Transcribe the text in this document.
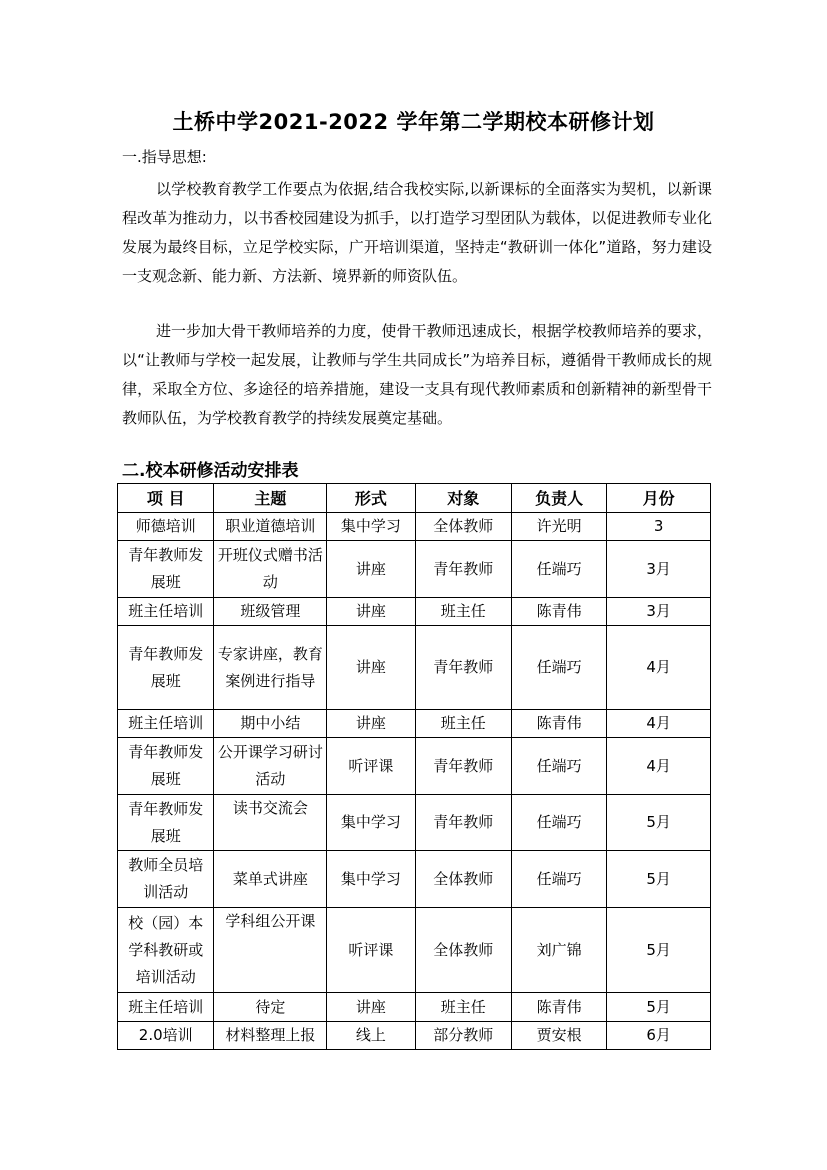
土桥中学2021-2022 学年第二学期校本研修计划
一.指导思想:
以学校教育教学工作要点为依据,结合我校实际,以新课标的全面落实为契机，以新课程改革为推动力，以书香校园建设为抓手，以打造学习型团队为载体，以促进教师专业化发展为最终目标，立足学校实际，广开培训渠道，坚持走“教研训一体化”道路，努力建设一支观念新、能力新、方法新、境界新的师资队伍。
进一步加大骨干教师培养的力度，使骨干教师迅速成长，根据学校教师培养的要求，以“让教师与学校一起发展，让教师与学生共同成长”为培养目标，遵循骨干教师成长的规律，采取全方位、多途径的培养措施，建设一支具有现代教师素质和创新精神的新型骨干教师队伍，为学校教育教学的持续发展奠定基础。
二.校本研修活动安排表
项 目	主题	形式	对象	负责人	月份
师德培训	职业道德培训	集中学习	全体教师	许光明	3
青年教师发展班	开班仪式赠书活动	讲座	青年教师	任端巧	3月
班主任培训	班级管理	讲座	班主任	陈青伟	3月
青年教师发展班	专家讲座，教育案例进行指导	讲座	青年教师	任端巧	4月
班主任培训	期中小结	讲座	班主任	陈青伟	4月
青年教师发展班	公开课学习研讨活动	听评课	青年教师	任端巧	4月
青年教师发展班	读书交流会	集中学习	青年教师	任端巧	5月
教师全员培训活动	菜单式讲座	集中学习	全体教师	任端巧	5月
校（园）本学科教研或培训活动	学科组公开课	听评课	全体教师	刘广锦	5月
班主任培训	待定	讲座	班主任	陈青伟	5月
2.0培训	材料整理上报	线上	部分教师	贾安根	6月
